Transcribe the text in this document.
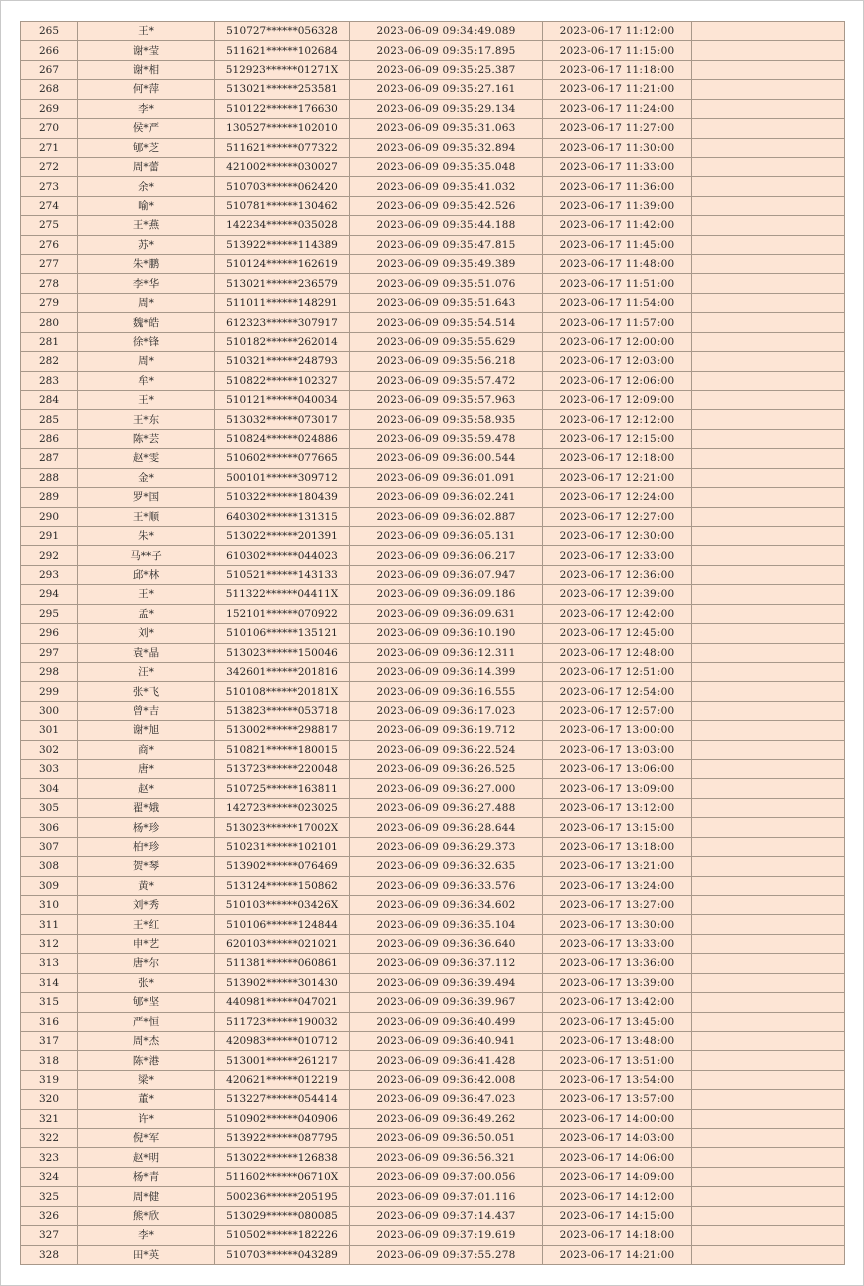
265	王*	510727******056328	2023-06-09 09:34:49.089	2023-06-17 11:12:00	
266	谢*莹	511621******102684	2023-06-09 09:35:17.895	2023-06-17 11:15:00	
267	谢*相	512923******01271X	2023-06-09 09:35:25.387	2023-06-17 11:18:00	
268	何*萍	513021******253581	2023-06-09 09:35:27.161	2023-06-17 11:21:00	
269	李*	510122******176630	2023-06-09 09:35:29.134	2023-06-17 11:24:00	
270	侯*严	130527******102010	2023-06-09 09:35:31.063	2023-06-17 11:27:00	
271	郇*芝	511621******077322	2023-06-09 09:35:32.894	2023-06-17 11:30:00	
272	周*蕾	421002******030027	2023-06-09 09:35:35.048	2023-06-17 11:33:00	
273	余*	510703******062420	2023-06-09 09:35:41.032	2023-06-17 11:36:00	
274	喻*	510781******130462	2023-06-09 09:35:42.526	2023-06-17 11:39:00	
275	王*燕	142234******035028	2023-06-09 09:35:44.188	2023-06-17 11:42:00	
276	苏*	513922******114389	2023-06-09 09:35:47.815	2023-06-17 11:45:00	
277	朱*鹏	510124******162619	2023-06-09 09:35:49.389	2023-06-17 11:48:00	
278	李*华	513021******236579	2023-06-09 09:35:51.076	2023-06-17 11:51:00	
279	周*	511011******148291	2023-06-09 09:35:51.643	2023-06-17 11:54:00	
280	魏*皓	612323******307917	2023-06-09 09:35:54.514	2023-06-17 11:57:00	
281	徐*锋	510182******262014	2023-06-09 09:35:55.629	2023-06-17 12:00:00	
282	周*	510321******248793	2023-06-09 09:35:56.218	2023-06-17 12:03:00	
283	牟*	510822******102327	2023-06-09 09:35:57.472	2023-06-17 12:06:00	
284	王*	510121******040034	2023-06-09 09:35:57.963	2023-06-17 12:09:00	
285	王*东	513032******073017	2023-06-09 09:35:58.935	2023-06-17 12:12:00	
286	陈*芸	510824******024886	2023-06-09 09:35:59.478	2023-06-17 12:15:00	
287	赵*雯	510602******077665	2023-06-09 09:36:00.544	2023-06-17 12:18:00	
288	金*	500101******309712	2023-06-09 09:36:01.091	2023-06-17 12:21:00	
289	罗*国	510322******180439	2023-06-09 09:36:02.241	2023-06-17 12:24:00	
290	王*顺	640302******131315	2023-06-09 09:36:02.887	2023-06-17 12:27:00	
291	朱*	513022******201391	2023-06-09 09:36:05.131	2023-06-17 12:30:00	
292	马**子	610302******044023	2023-06-09 09:36:06.217	2023-06-17 12:33:00	
293	邱*林	510521******143133	2023-06-09 09:36:07.947	2023-06-17 12:36:00	
294	王*	511322******04411X	2023-06-09 09:36:09.186	2023-06-17 12:39:00	
295	孟*	152101******070922	2023-06-09 09:36:09.631	2023-06-17 12:42:00	
296	刘*	510106******135121	2023-06-09 09:36:10.190	2023-06-17 12:45:00	
297	袁*晶	513023******150046	2023-06-09 09:36:12.311	2023-06-17 12:48:00	
298	汪*	342601******201816	2023-06-09 09:36:14.399	2023-06-17 12:51:00	
299	张*飞	510108******20181X	2023-06-09 09:36:16.555	2023-06-17 12:54:00	
300	曾*吉	513823******053718	2023-06-09 09:36:17.023	2023-06-17 12:57:00	
301	谢*旭	513002******298817	2023-06-09 09:36:19.712	2023-06-17 13:00:00	
302	商*	510821******180015	2023-06-09 09:36:22.524	2023-06-17 13:03:00	
303	唐*	513723******220048	2023-06-09 09:36:26.525	2023-06-17 13:06:00	
304	赵*	510725******163811	2023-06-09 09:36:27.000	2023-06-17 13:09:00	
305	翟*娥	142723******023025	2023-06-09 09:36:27.488	2023-06-17 13:12:00	
306	杨*珍	513023******17002X	2023-06-09 09:36:28.644	2023-06-17 13:15:00	
307	柏*珍	510231******102101	2023-06-09 09:36:29.373	2023-06-17 13:18:00	
308	贺*琴	513902******076469	2023-06-09 09:36:32.635	2023-06-17 13:21:00	
309	黄*	513124******150862	2023-06-09 09:36:33.576	2023-06-17 13:24:00	
310	刘*秀	510103******03426X	2023-06-09 09:36:34.602	2023-06-17 13:27:00	
311	王*红	510106******124844	2023-06-09 09:36:35.104	2023-06-17 13:30:00	
312	申*艺	620103******021021	2023-06-09 09:36:36.640	2023-06-17 13:33:00	
313	唐*尔	511381******060861	2023-06-09 09:36:37.112	2023-06-17 13:36:00	
314	张*	513902******301430	2023-06-09 09:36:39.494	2023-06-17 13:39:00	
315	郇*坚	440981******047021	2023-06-09 09:36:39.967	2023-06-17 13:42:00	
316	严*恒	511723******190032	2023-06-09 09:36:40.499	2023-06-17 13:45:00	
317	周*杰	420983******010712	2023-06-09 09:36:40.941	2023-06-17 13:48:00	
318	陈*港	513001******261217	2023-06-09 09:36:41.428	2023-06-17 13:51:00	
319	梁*	420621******012219	2023-06-09 09:36:42.008	2023-06-17 13:54:00	
320	董*	513227******054414	2023-06-09 09:36:47.023	2023-06-17 13:57:00	
321	许*	510902******040906	2023-06-09 09:36:49.262	2023-06-17 14:00:00	
322	倪*军	513922******087795	2023-06-09 09:36:50.051	2023-06-17 14:03:00	
323	赵*明	513022******126838	2023-06-09 09:36:56.321	2023-06-17 14:06:00	
324	杨*青	511602******06710X	2023-06-09 09:37:00.056	2023-06-17 14:09:00	
325	周*健	500236******205195	2023-06-09 09:37:01.116	2023-06-17 14:12:00	
326	熊*欣	513029******080085	2023-06-09 09:37:14.437	2023-06-17 14:15:00	
327	李*	510502******182226	2023-06-09 09:37:19.619	2023-06-17 14:18:00	
328	田*英	510703******043289	2023-06-09 09:37:55.278	2023-06-17 14:21:00	
